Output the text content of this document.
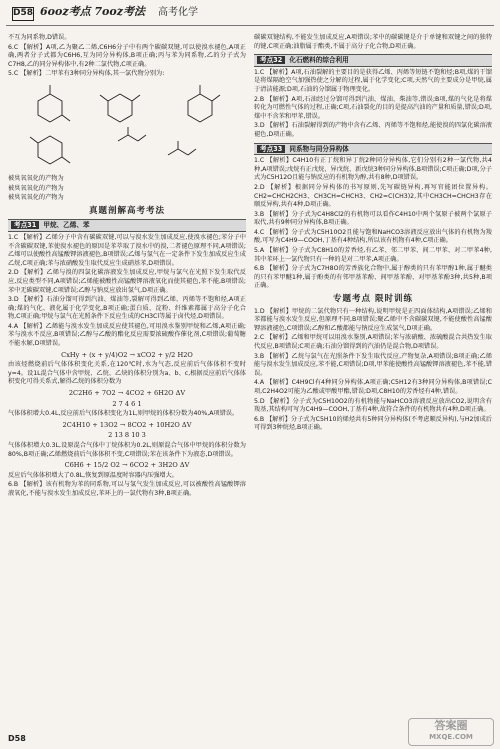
D58 6ooz考点 7ooz考法 高考化学

不互为同系物,D错误。

6.C 【解析】A项,乙为聚乙二烯,C6H6分子中有两个碳碳双键,可以使溴水褪色,A项正确,两者分子式都为C6H6,互为同分异构体,B项正确;丙与苯为同系物,乙的分子式为C7H8,乙的同分异构体中,有2种二氯代物,C项正确。

5.C 【解析】二甲苯有3种同分异构体,其一氯代物分别为:

被臭氧氧化的产物为

被臭氧氧化的产物为

被臭氧氧化的产物为

真题剖解高考考法
考点31 甲烷、乙烯、苯

1.C 【解析】乙烯分子中含有碳碳双键,可以与溴水发生加成反应,使溴水褪色;苯分子中不含碳碳双键,苯使溴水褪色的原因是苯萃取了溴水中的溴,二者褪色原理不同,A项错误;乙烯可以使酸性高锰酸钾溶液褪色,B项错误;乙烯与氢气在一定条件下发生加成反应生成乙烷,C项正确;苯与浓硝酸发生取代反应生成硝基苯,D项错误。

2.D 【解析】乙烯与溴的四氯化碳溶液发生加成反应,甲烷与氯气在光照下发生取代反应,反应类型不同,A项错误;乙烯能被酸性高锰酸钾溶液氧化而使其褪色,苯不能,B项错误;苯中无碳碳双键,C项错误;乙醇与钠反应放出氢气,D项正确。

3.D 【解析】石油分馏可得到汽油、煤油等,裂解可得到乙烯、丙烯等不饱和烃,A项正确;煤的气化、液化属于化学变化,B项正确;蛋白质、淀粉、纤维素都属于高分子化合物,C项正确;甲烷与氯气在光照条件下反应生成的CH3Cl等属于卤代烃,D项错误。

4.A 【解析】乙烯能与溴水发生加成反应使其褪色,可用溴水鉴别甲烷和乙烯,A项正确;苯与溴水不反应,B项错误;乙醇与乙酸的酯化反应需要浓硫酸作催化剂,C项错误;葡萄糖不能水解,D项错误。

CxHy + (x + y/4)O2 → xCO2 + y/2 H2O

由该烃燃烧前后气体体积变化关系,在120℃时,水为气态,反应前后气体体积不变时y=4。设1L混合气体中含甲烷、乙烷、乙炔的体积分别为a、b、c,根据反应前后气体体积变化可得关系式,解得乙烷的体积分数为

2C2H6 + 7O2 → 4CO2 + 6H2O ΔV
2 7 4 6 1

气体体积增大0.4L,反应前后气体体积变化为1L,则甲烷的体积分数为40%,A项错误。

2C4H10 + 13O2 → 8CO2 + 10H2O ΔV
2 13 8 10 3

气体体积增大0.3L,设原混合气体中丁烷体积为0.2L,则原混合气体中甲烷的体积分数为80%,B项正确;乙烯燃烧前后气体体积不变,C项错误;苯在该条件下为液态,D项错误。

C6H6 + 15/2 O2 → 6CO2 + 3H2O ΔV

反应后气体体积增大了0.8L,恢复到原温度时容器内压强增大。

6.B 【解析】该有机物为苯的同系物,可以与氢气发生加成反应,可以被酸性高锰酸钾溶液氧化,不能与溴水发生加成反应,苯环上的一氯代物有3种,B项正确。

碳碳双键结构,不能发生加成反应,A项错误;苯中的碳碳键是介于单键和双键之间的独特的键,C项正确;油脂属于酯类,不属于高分子化合物,D项正确。

考点32 化石燃料的综合利用

1.C 【解析】A项,石油裂解的主要目的是获得乙烯、丙烯等短链不饱和烃;B项,煤的干馏是将煤隔绝空气加强热使之分解的过程,属于化学变化;C项,天然气的主要成分是甲烷,属于清洁能源;D项,石油的分馏属于物理变化。

2.B 【解析】A项,石油经过分馏可得到汽油、煤油、柴油等,错误;B项,煤的气化是将煤转化为可燃性气体的过程,正确;C项,石油裂化的目的是提高汽油的产量和质量,错误;D项,煤中不含苯和甲苯,错误。

3.D 【解析】石油裂解得到的产物中含有乙烯、丙烯等不饱和烃,能使溴的四氯化碳溶液褪色,D项正确。

考点33 同系物与同分异构体

1.C 【解析】C4H10有正丁烷和异丁烷2种同分异构体,它们分别有2种一氯代物,共4种,A项错误;戊烷有正戊烷、异戊烷、新戊烷3种同分异构体,B项错误;C项正确;D项,分子式为C5H12O且能与钠反应的有机物为醇,共有8种,D项错误。

2.D 【解析】根据同分异构体的书写原则,先写碳链异构,再写官能团位置异构。CH2=CHCH2CH3、CH3CH=CHCH3、CH2=C(CH3)2,其中CH3CH=CHCH3存在顺反异构,共有4种,D项正确。

3.B 【解析】分子式为C4H8Cl2的有机物可以看作C4H10中两个氢原子被两个氯原子取代,共有9种同分异构体,B项正确。

4.C 【解析】分子式为C5H10O2且能与饱和NaHCO3溶液反应放出气体的有机物为羧酸,可写为C4H9—COOH,丁基有4种结构,所以该有机物有4种,C项正确。

5.A 【解析】分子式为C8H10的芳香烃,有乙苯、邻二甲苯、间二甲苯、对二甲苯4种,其中苯环上一氯代物只有一种的是对二甲苯,A项正确。

6.B 【解析】分子式为C7H8O的芳香族化合物中,属于醇类的只有苯甲醇1种,属于醚类的只有苯甲醚1种,属于酚类的有邻甲基苯酚、间甲基苯酚、对甲基苯酚3种,共5种,B项正确。

专题考点 限时训练

1.D 【解析】甲烷的二氯代物只有一种结构,说明甲烷是正四面体结构,A项错误;乙烯和苯都能与溴水发生反应,但原理不同,B项错误;聚乙烯中不含碳碳双键,不能使酸性高锰酸钾溶液褪色,C项错误;乙醇和乙酸都能与钠反应生成氢气,D项正确。

2.C 【解析】乙烯和甲烷可以用溴水鉴别,A项错误;苯与浓硝酸、浓硫酸混合共热发生取代反应,B项错误;C项正确;石油分馏得到的汽油仍是混合物,D项错误。

3.B 【解析】乙烷与氯气在光照条件下发生取代反应,产物复杂,A项错误;B项正确;乙烯能与溴水发生加成反应,苯不能,C项错误;D项,甲苯能使酸性高锰酸钾溶液褪色,苯不能,错误。

4.A 【解析】C4H9Cl有4种同分异构体,A项正确;C5H12有3种同分异构体,B项错误;C项,C2H4O2可能为乙酸或甲酸甲酯,错误;D项,C8H10的芳香烃有4种,错误。

5.D 【解析】分子式为C5H10O2的有机物能与NaHCO3溶液反应放出CO2,说明含有羧基,其结构可写为C4H9—COOH,丁基有4种,故符合条件的有机物共有4种,D项正确。

6.B 【解析】分子式为C5H10的烯烃共有5种同分异构体(不考虑顺反异构),与H2加成后可得到3种烷烃,B项正确。

D58
答案圈
MXQE.COM
